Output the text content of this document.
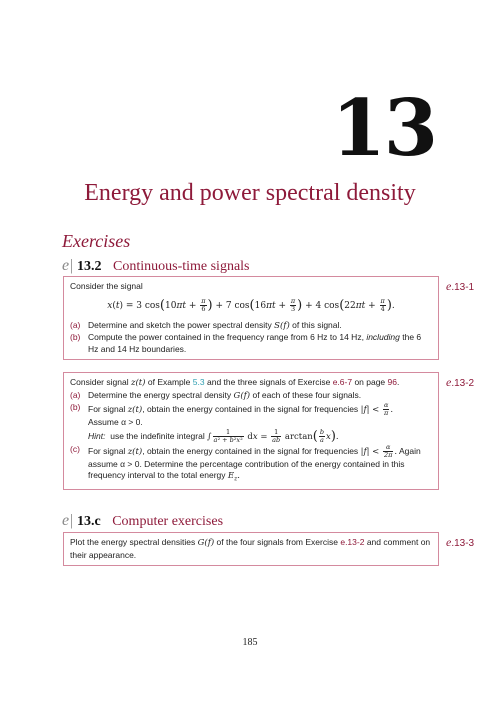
13
Energy and power spectral density
Exercises
e| 13.2 Continuous-time signals
Consider the signal
x(t) = 3 $\cos(10\pi t + \frac{\pi}{6}$ ) + 7 $\cos(16\pi t + \frac{\pi}{3}$ ) + 4 $\cos(22\pi t + \frac{\pi}{4}$ ).
(a) Determine and sketch the power spectral density S(f) of this signal.
(b) Compute the power contained in the frequency range from 6 Hz to 14 Hz, including the 6 Hz and 14 Hz boundaries.
e.13-1
Consider signal z(t) of Example 5.3 and the three signals of Exercise e.6-7 on page 96.
(a) Determine the energy spectral density G(f) of each of these four signals.
(b) For signal z(t), obtain the energy contained in the signal for frequencies $|f| < \frac{\alpha}{\pi}$ .
Assume α > 0.
Hint: use the indefinite integral ∫ $\frac{1}{\text{a² + b²x²}}$ dx = $\frac{1}{ab} \arctan( \frac{b}{a} x)$.
(c) For signal z(t), obtain the energy contained in the signal for frequencies $|f| < \frac{\alpha}{2\pi}$ . Again assume α > 0. Determine the percentage contribution of the energy contained in this frequency interval to the total energy $E_z$.
e.13-2
e| 13.c Computer exercises
Plot the energy spectral densities G(f) of the four signals from Exercise e.13-2 and comment on their appearance.
e.13-3
185
